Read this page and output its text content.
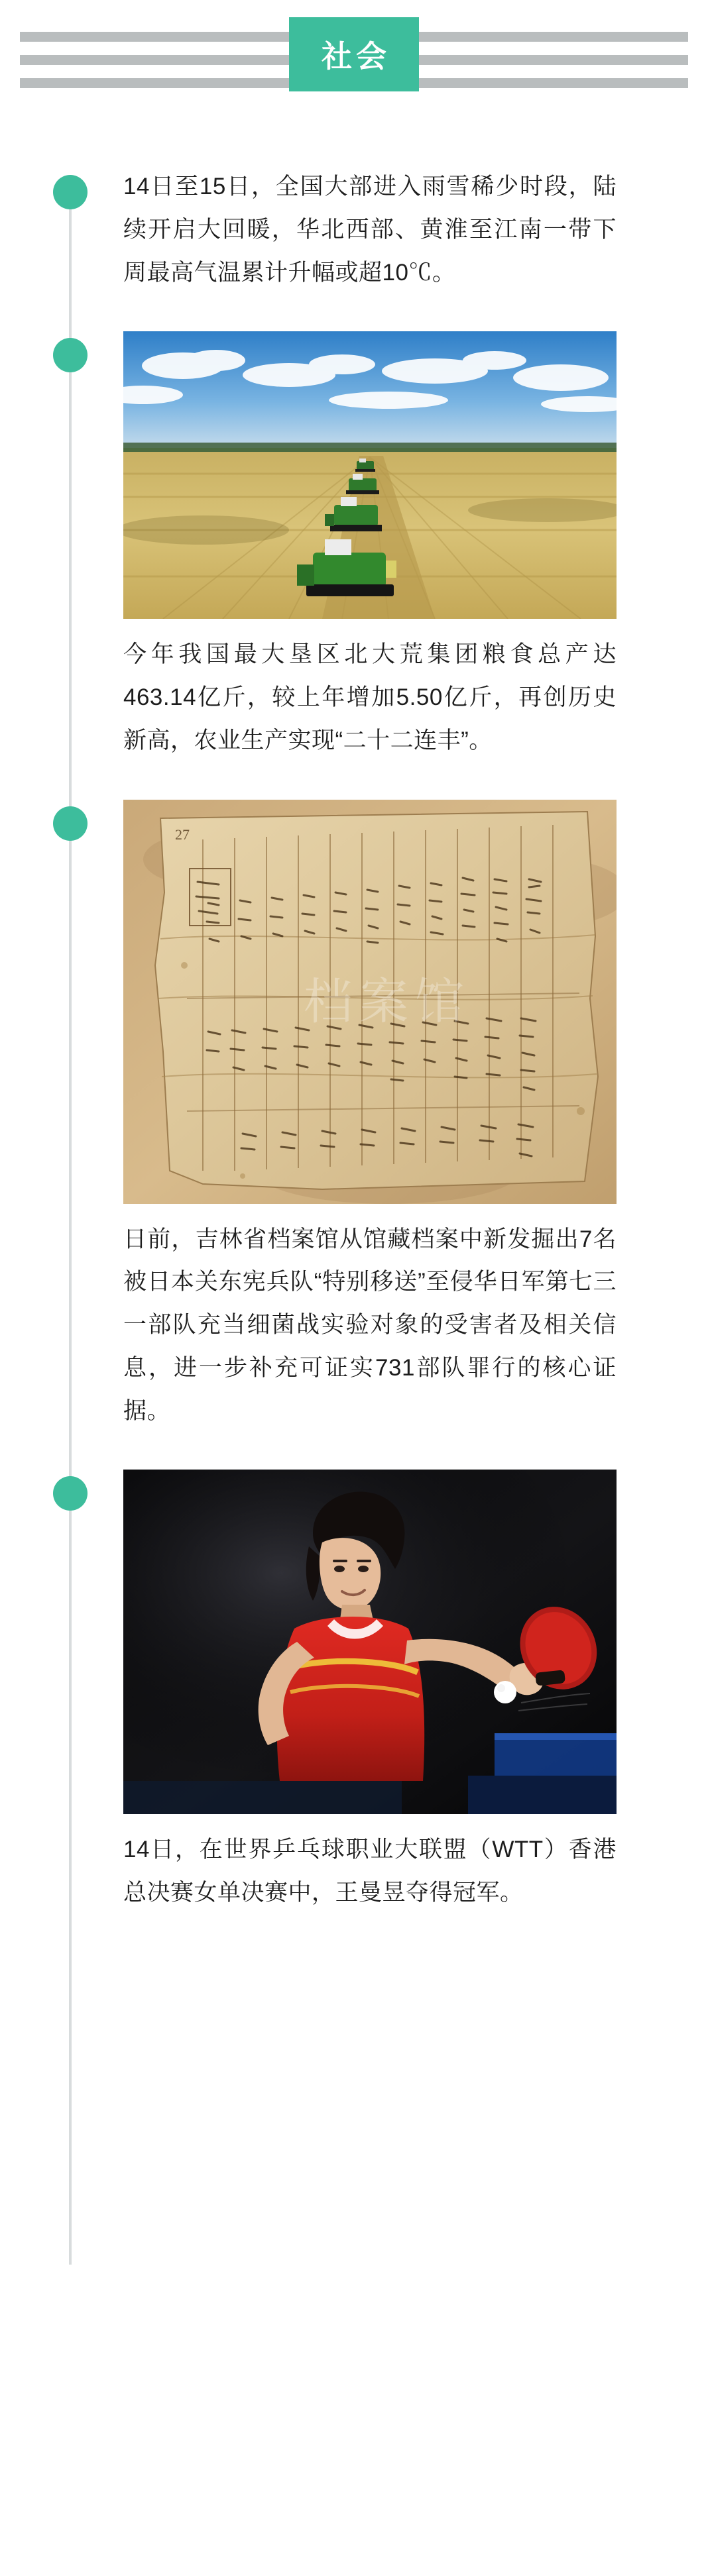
社会

14日至15日，全国大部进入雨雪稀少时段，陆续开启大回暖，华北西部、黄淮至江南一带下周最高气温累计升幅或超10℃。

今年我国最大垦区北大荒集团粮食总产达463.14亿斤，较上年增加5.50亿斤，再创历史新高，农业生产实现“二十二连丰”。

27
档案馆

日前，吉林省档案馆从馆藏档案中新发掘出7名被日本关东宪兵队“特别移送”至侵华日军第七三一部队充当细菌战实验对象的受害者及相关信息，进一步补充可证实731部队罪行的核心证据。

14日，在世界乒乓球职业大联盟（WTT）香港总决赛女单决赛中，王曼昱夺得冠军。
